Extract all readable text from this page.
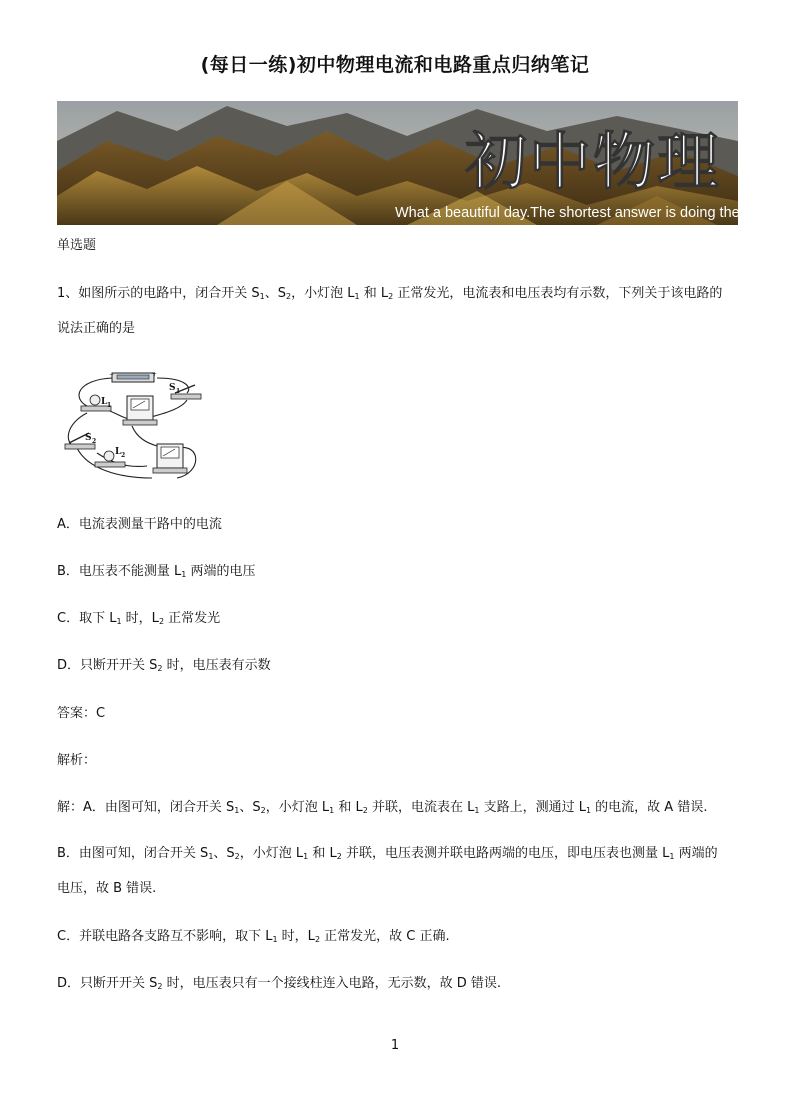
(每日一练)初中物理电流和电路重点归纳笔记
初中物理
What a beautiful day.The shortest answer is doing the thing.
单选题
1、如图所示的电路中，闭合开关 $S_1$、$S_2$，小灯泡 $L_1$ 和 $L_2$ 正常发光，电流表和电压表均有示数，下列关于该电路的说法正确的是
−	+
S 1
S 2
L 1
L 2
A．电流表测量干路中的电流
B．电压表不能测量 $L_1$ 两端的电压
C．取下 $L_1$ 时，$L_2$ 正常发光
D．只断开开关 $S_2$ 时，电压表有示数
答案：C
解析：
解：A．由图可知，闭合开关 $S_1$、$S_2$，小灯泡 $L_1$ 和 $L_2$ 并联，电流表在 $L_1$ 支路上，测通过 $L_1$ 的电流，故 A 错误.
B．由图可知，闭合开关 $S_1$、$S_2$，小灯泡 $L_1$ 和 $L_2$ 并联，电压表测并联电路两端的电压，即电压表也测量 $L_1$ 两端的电压，故 B 错误.
C．并联电路各支路互不影响，取下 $L_1$ 时，$L_2$ 正常发光，故 C 正确.
D．只断开开关 $S_2$ 时，电压表只有一个接线柱连入电路，无示数，故 D 错误.
1
